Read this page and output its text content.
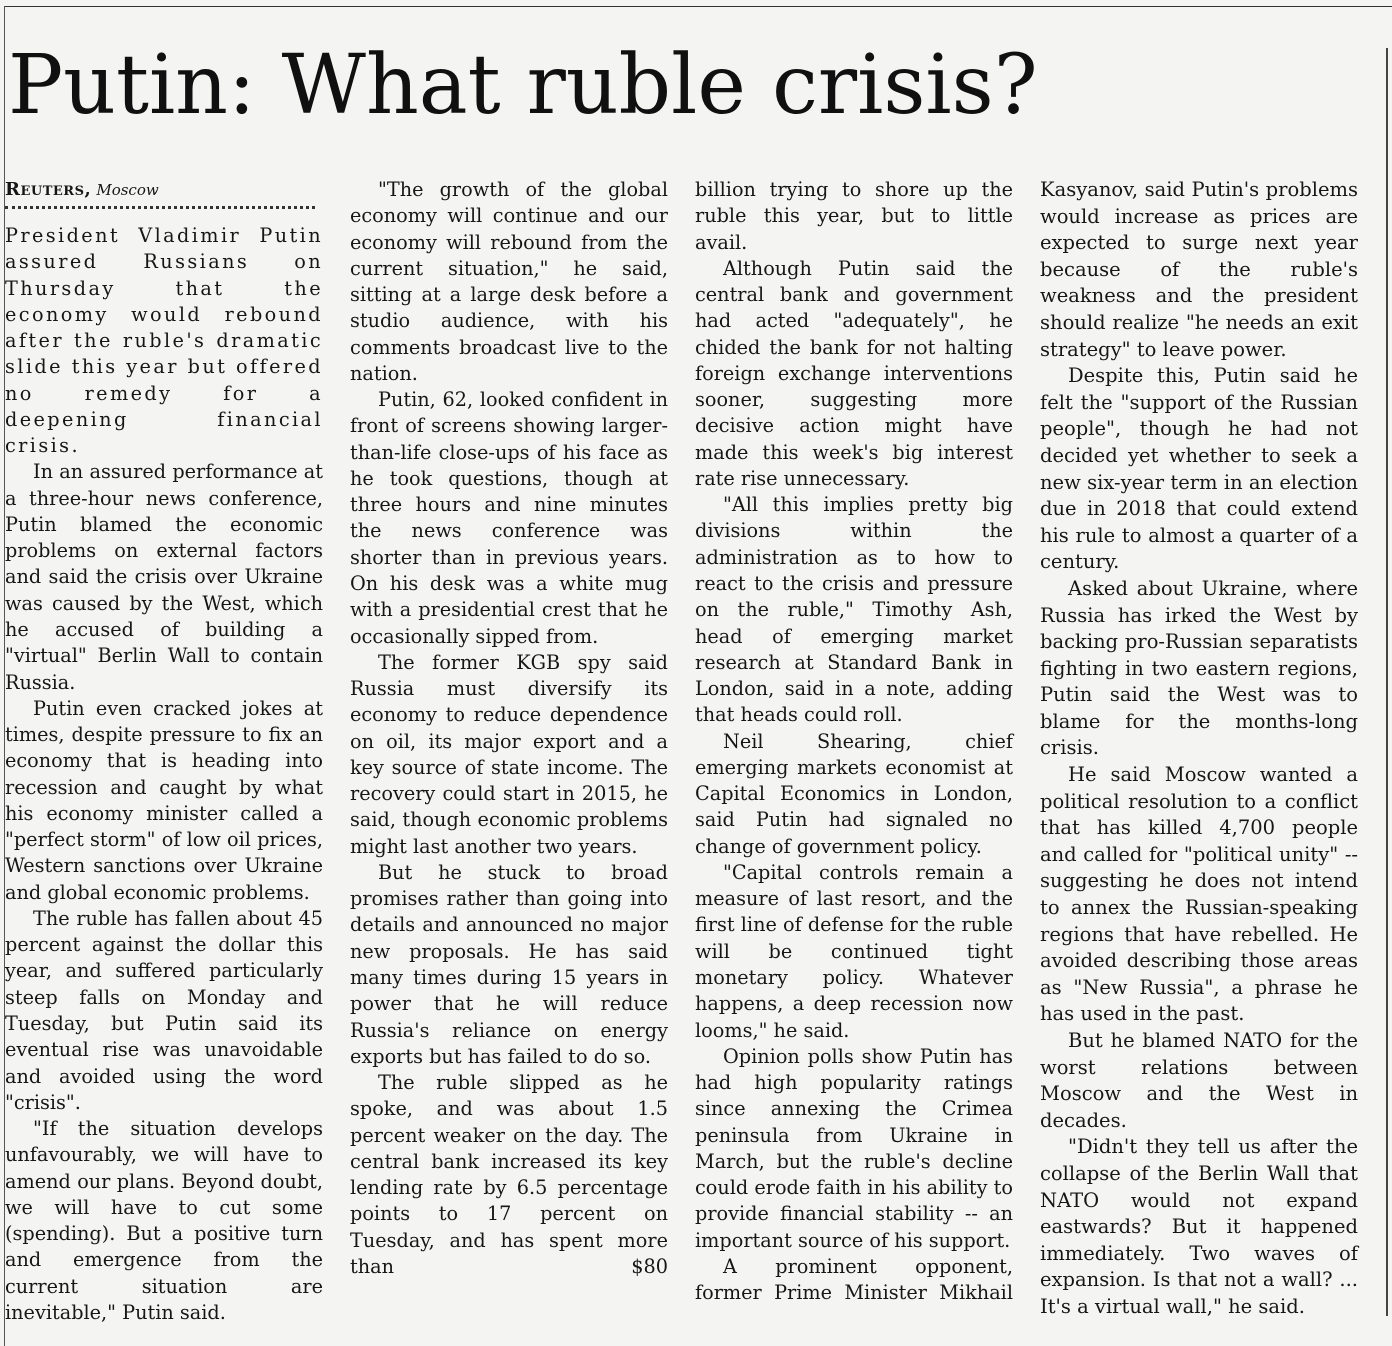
Putin: What ruble crisis?
Reuters, Moscow

President Vladimir Putin assured Russians on Thursday that the economy would rebound after the ruble's dramatic slide this year but offered no remedy for a deepening financial crisis.

In an assured performance at a three-hour news conference, Putin blamed the economic problems on external factors and said the crisis over Ukraine was caused by the West, which he accused of building a "virtual" Berlin Wall to contain Russia.

Putin even cracked jokes at times, despite pressure to fix an economy that is heading into recession and caught by what his economy minister called a "perfect storm" of low oil prices, Western sanctions over Ukraine and global economic problems.

The ruble has fallen about 45 percent against the dollar this year, and suffered particularly steep falls on Monday and Tuesday, but Putin said its eventual rise was unavoidable and avoided using the word "crisis".

"If the situation develops unfavourably, we will have to amend our plans. Beyond doubt, we will have to cut some (spending). But a positive turn and emergence from the current situation are inevitable," Putin said.

"The growth of the global economy will continue and our economy will rebound from the current situation," he said, sitting at a large desk before a studio audience, with his comments broadcast live to the nation.

Putin, 62, looked confident in front of screens showing larger-than-life close-ups of his face as he took questions, though at three hours and nine minutes the news conference was shorter than in previous years. On his desk was a white mug with a presidential crest that he occasionally sipped from.

The former KGB spy said Russia must diversify its economy to reduce dependence on oil, its major export and a key source of state income. The recovery could start in 2015, he said, though economic problems might last another two years.

But he stuck to broad promises rather than going into details and announced no major new proposals. He has said many times during 15 years in power that he will reduce Russia's reliance on energy exports but has failed to do so.

The ruble slipped as he spoke, and was about 1.5 percent weaker on the day. The central bank increased its key lending rate by 6.5 percentage points to 17 percent on Tuesday, and has spent more than $80

billion trying to shore up the ruble this year, but to little avail.

Although Putin said the central bank and government had acted "adequately", he chided the bank for not halting foreign exchange interventions sooner, suggesting more decisive action might have made this week's big interest rate rise unnecessary.

"All this implies pretty big divisions within the administration as to how to react to the crisis and pressure on the ruble," Timothy Ash, head of emerging market research at Standard Bank in London, said in a note, adding that heads could roll.

Neil Shearing, chief emerging markets economist at Capital Economics in London, said Putin had signaled no change of government policy.

"Capital controls remain a measure of last resort, and the first line of defense for the ruble will be continued tight monetary policy. Whatever happens, a deep recession now looms," he said.

Opinion polls show Putin has had high popularity ratings since annexing the Crimea peninsula from Ukraine in March, but the ruble's decline could erode faith in his ability to provide financial stability -- an important source of his support.

A prominent opponent, former Prime Minister Mikhail

Kasyanov, said Putin's problems would increase as prices are expected to surge next year because of the ruble's weakness and the president should realize "he needs an exit strategy" to leave power.

Despite this, Putin said he felt the "support of the Russian people", though he had not decided yet whether to seek a new six-year term in an election due in 2018 that could extend his rule to almost a quarter of a century.

Asked about Ukraine, where Russia has irked the West by backing pro-Russian separatists fighting in two eastern regions, Putin said the West was to blame for the months-long crisis.

He said Moscow wanted a political resolution to a conflict that has killed 4,700 people and called for "political unity" -- suggesting he does not intend to annex the Russian-speaking regions that have rebelled. He avoided describing those areas as "New Russia", a phrase he has used in the past.

But he blamed NATO for the worst relations between Moscow and the West in decades.

"Didn't they tell us after the collapse of the Berlin Wall that NATO would not expand eastwards? But it happened immediately. Two waves of expansion. Is that not a wall? ... It's a virtual wall," he said.
